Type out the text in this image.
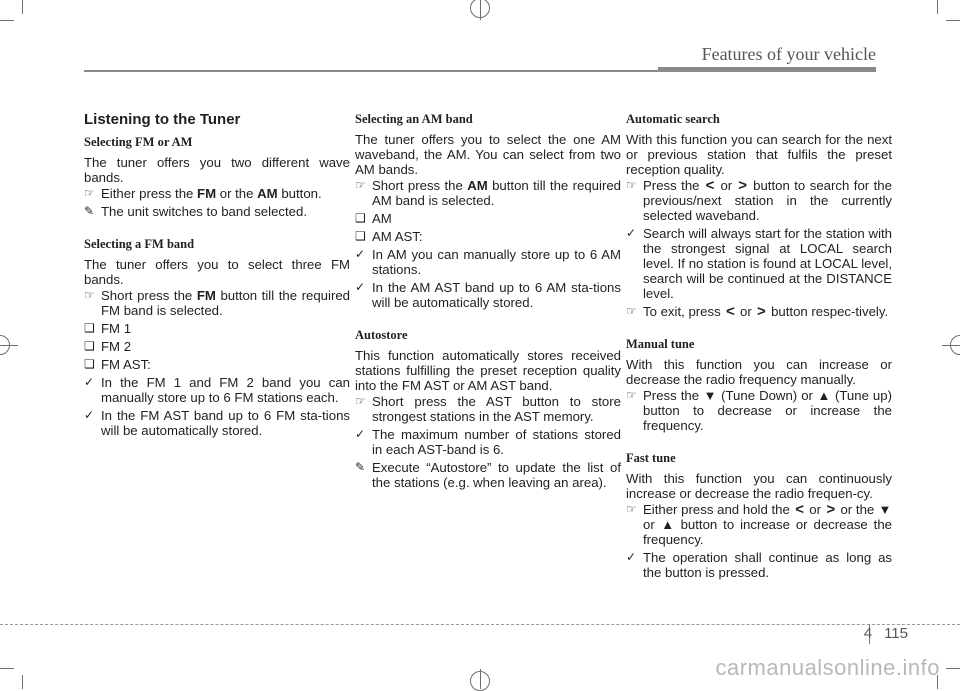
Features of your vehicle
Listening to the Tuner
Selecting FM or AM

The tuner offers you two different wave bands.

☞ Either press the FM or the AM button.
✎ The unit switches to band selected.
Selecting a FM band

The tuner offers you to select three FM bands.

☞ Short press the FM button till the required FM band is selected.
❑ FM 1
❑ FM 2
❑ FM AST:
✓ In the FM 1 and FM 2 band you can manually store up to 6 FM stations each.
✓ In the FM AST band up to 6 FM sta-tions will be automatically stored.
Selecting an AM band

The tuner offers you to select the one AM waveband, the AM. You can select from two AM bands.

☞ Short press the AM button till the required AM band is selected.
❑ AM
❑ AM AST:
✓ In AM you can manually store up to 6 AM stations.
✓ In the AM AST band up to 6 AM sta-tions will be automatically stored.
Autostore

This function automatically stores received stations fulfilling the preset reception quality into the FM AST or AM AST band.

☞ Short press the AST button to store strongest stations in the AST memory.
✓ The maximum number of stations stored in each AST-band is 6.
✎ Execute “Autostore” to update the list of the stations (e.g. when leaving an area).
Automatic search

With this function you can search for the next or previous station that fulfils the preset reception quality.

☞ Press the < or > button to search for the previous/next station in the currently selected waveband.
✓ Search will always start for the station with the strongest signal at LOCAL search level. If no station is found at LOCAL level, search will be continued at the DISTANCE level.
☞ To exit, press < or > button respec-tively.
Manual tune

With this function you can increase or decrease the radio frequency manually.

☞ Press the ▼ (Tune Down) or ▲ (Tune up) button to decrease or increase the frequency.
Fast tune

With this function you can continuously increase or decrease the radio frequen-cy.

☞ Either press and hold the < or > or the ▼ or ▲ button to increase or decrease the frequency.
✓ The operation shall continue as long as the button is pressed.
4 115
carmanualsonline.info
